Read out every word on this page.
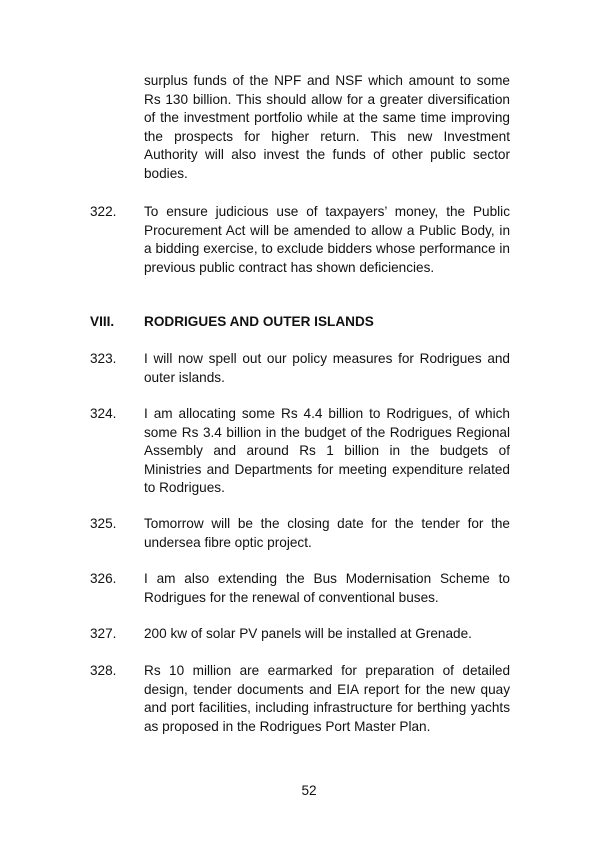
surplus funds of the NPF and NSF which amount to some Rs 130 billion. This should allow for a greater diversification of the investment portfolio while at the same time improving the prospects for higher return. This new Investment Authority will also invest the funds of other public sector bodies.
322.	To ensure judicious use of taxpayers’ money, the Public Procurement Act will be amended to allow a Public Body, in a bidding exercise, to exclude bidders whose performance in previous public contract has shown deficiencies.
VIII.	RODRIGUES AND OUTER ISLANDS
323.	I will now spell out our policy measures for Rodrigues and outer islands.
324.	I am allocating some Rs 4.4 billion to Rodrigues, of which some Rs 3.4 billion in the budget of the Rodrigues Regional Assembly and around Rs 1 billion in the budgets of Ministries and Departments for meeting expenditure related to Rodrigues.
325.	Tomorrow will be the closing date for the tender for the undersea fibre optic project.
326.	I am also extending the Bus Modernisation Scheme to Rodrigues for the renewal of conventional buses.
327.	200 kw of solar PV panels will be installed at Grenade.
328.	Rs 10 million are earmarked for preparation of detailed design, tender documents and EIA report for the new quay and port facilities, including infrastructure for berthing yachts as proposed in the Rodrigues Port Master Plan.
52
